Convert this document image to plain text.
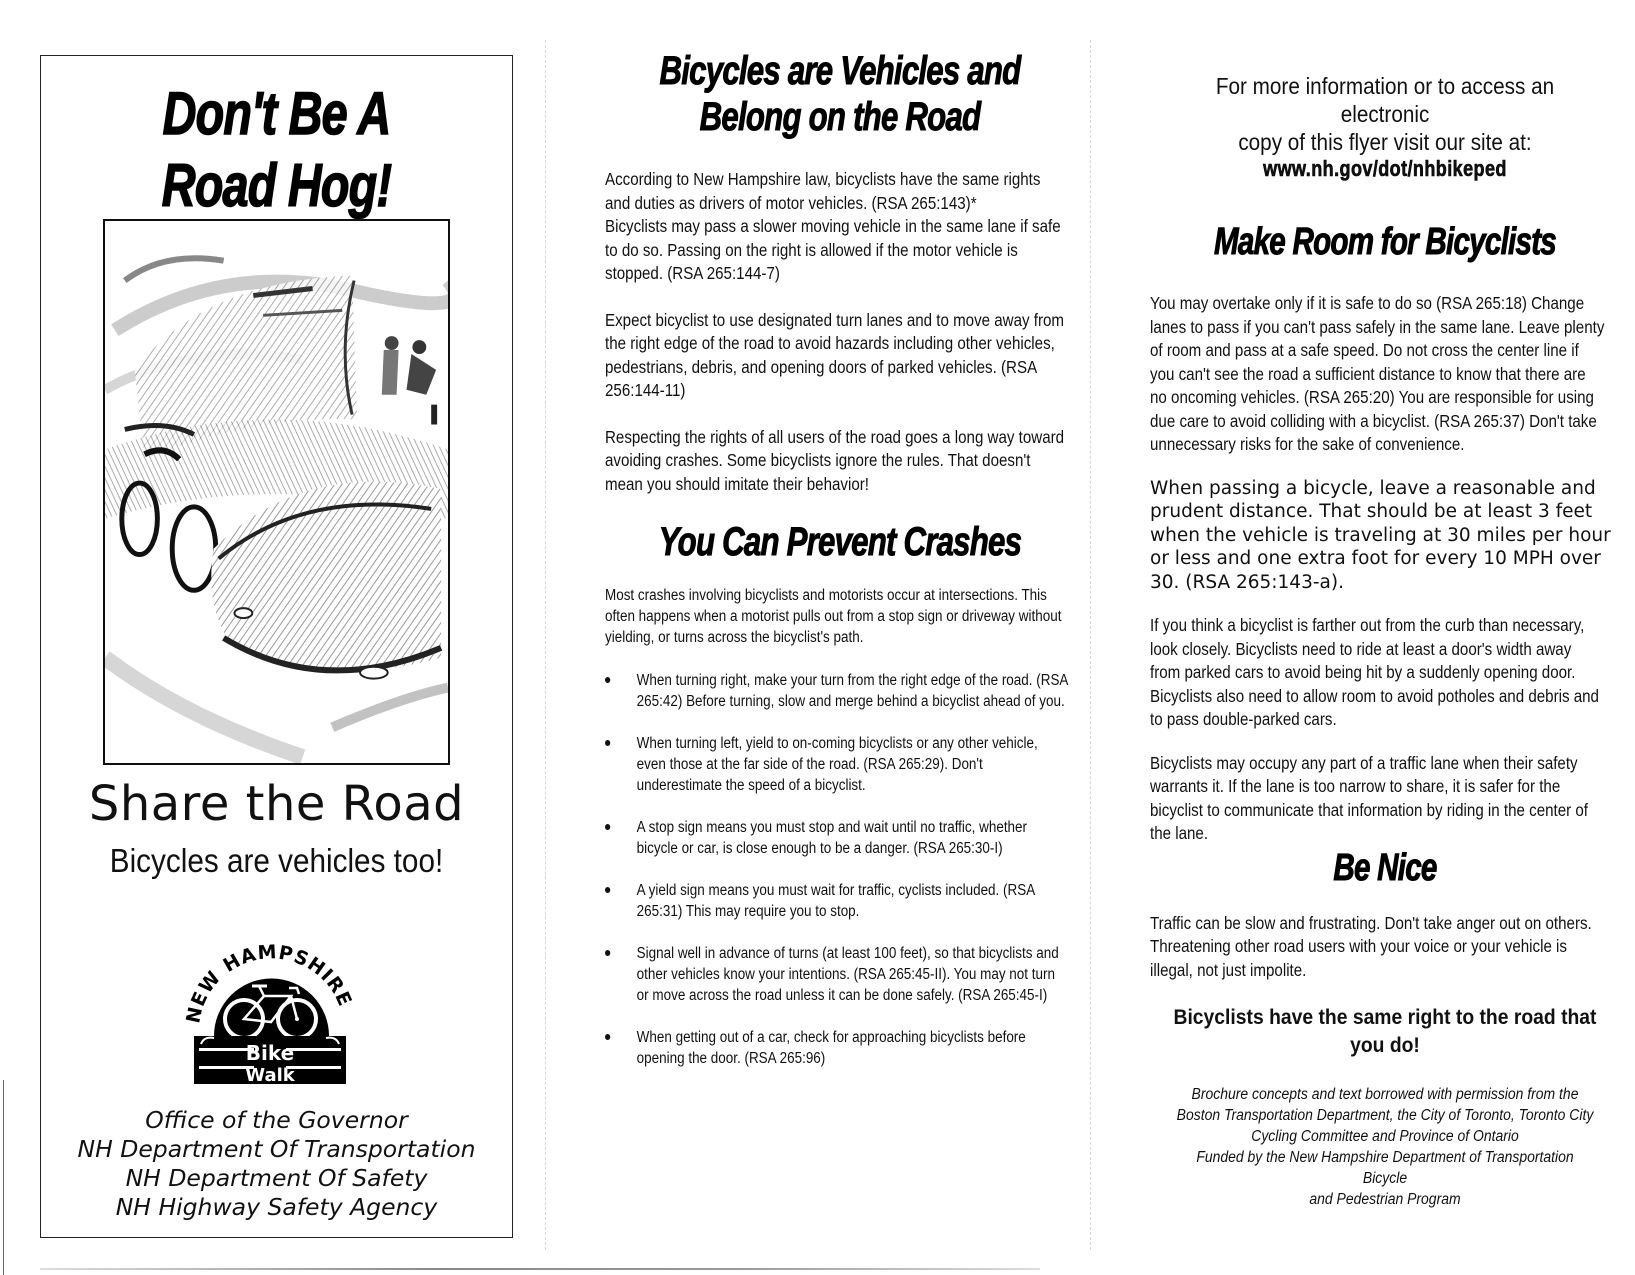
Don't Be A
Road Hog!
Share the Road
Bicycles are vehicles too!
NEW HAMPSHIRE
Bike
Walk
Office of the Governor
NH Department Of Transportation
NH Department Of Safety
NH Highway Safety Agency
Bicycles are Vehicles and
Belong on the Road

According to New Hampshire law, bicyclists have the same rights and duties as drivers of motor vehicles. (RSA 265:143)*

Bicyclists may pass a slower moving vehicle in the same lane if safe to do so. Passing on the right is allowed if the motor vehicle is stopped. (RSA 265:144-7)

Expect bicyclist to use designated turn lanes and to move away from the right edge of the road to avoid hazards including other vehicles, pedestrians, debris, and opening doors of parked vehicles. (RSA 256:144-11)

Respecting the rights of all users of the road goes a long way toward avoiding crashes. Some bicyclists ignore the rules. That doesn't mean you should imitate their behavior!

You Can Prevent Crashes

Most crashes involving bicyclists and motorists occur at intersections. This often happens when a motorist pulls out from a stop sign or driveway without yielding, or turns across the bicyclist's path.

When turning right, make your turn from the right edge of the road. (RSA 265:42) Before turning, slow and merge behind a bicyclist ahead of you.
When turning left, yield to on-coming bicyclists or any other vehicle, even those at the far side of the road. (RSA 265:29). Don't underestimate the speed of a bicyclist.
A stop sign means you must stop and wait until no traffic, whether bicycle or car, is close enough to be a danger. (RSA 265:30-I)
A yield sign means you must wait for traffic, cyclists included. (RSA 265:31) This may require you to stop.
Signal well in advance of turns (at least 100 feet), so that bicyclists and other vehicles know your intentions. (RSA 265:45-II). You may not turn or move across the road unless it can be done safely. (RSA 265:45-I)
When getting out of a car, check for approaching bicyclists before opening the door. (RSA 265:96)
For more information or to access an electronic
copy of this flyer visit our site at:
www.nh.gov/dot/nhbikeped
Make Room for Bicyclists

You may overtake only if it is safe to do so (RSA 265:18) Change lanes to pass if you can't pass safely in the same lane. Leave plenty of room and pass at a safe speed. Do not cross the center line if you can't see the road a sufficient distance to know that there are no oncoming vehicles. (RSA 265:20) You are responsible for using due care to avoid colliding with a bicyclist. (RSA 265:37) Don't take unnecessary risks for the sake of convenience.

When passing a bicycle, leave a reasonable and prudent distance. That should be at least 3 feet when the vehicle is traveling at 30 miles per hour or less and one extra foot for every 10 MPH over 30. (RSA 265:143-a).

If you think a bicyclist is farther out from the curb than necessary, look closely. Bicyclists need to ride at least a door's width away from parked cars to avoid being hit by a suddenly opening door. Bicyclists also need to allow room to avoid potholes and debris and to pass double-parked cars.

Bicyclists may occupy any part of a traffic lane when their safety warrants it. If the lane is too narrow to share, it is safer for the bicyclist to communicate that information by riding in the center of the lane.

Be Nice

Traffic can be slow and frustrating. Don't take anger out on others. Threatening other road users with your voice or your vehicle is illegal, not just impolite.

Bicyclists have the same right to the road that you do!
Brochure concepts and text borrowed with permission from the
Boston Transportation Department, the City of Toronto, Toronto City
Cycling Committee and Province of Ontario
Funded by the New Hampshire Department of Transportation Bicycle
and Pedestrian Program
